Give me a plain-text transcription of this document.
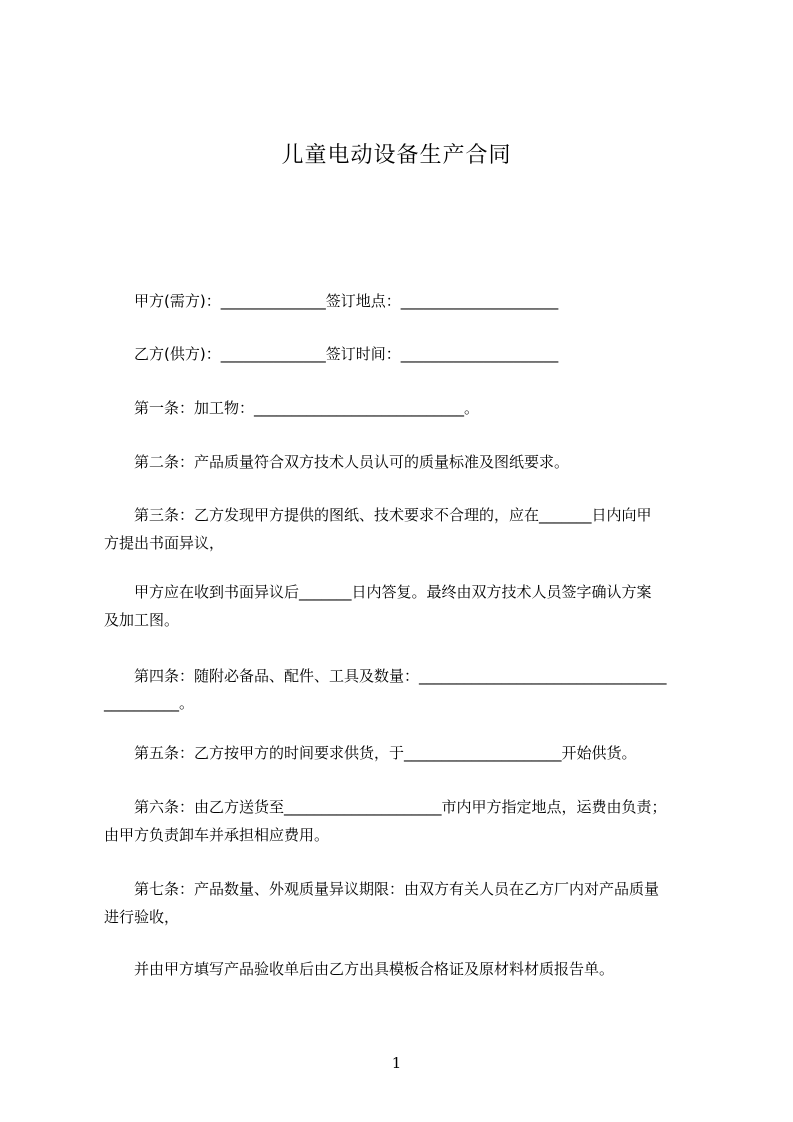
儿童电动设备生产合同
　　甲方(需方)：______________签订地点：_____________________
　　乙方(供方)：______________签订时间：_____________________
　　第一条：加工物：____________________________。
　　第二条：产品质量符合双方技术人员认可的质量标准及图纸要求。
　　第三条：乙方发现甲方提供的图纸、技术要求不合理的，应在_______日内向甲
方提出书面异议，
　　甲方应在收到书面异议后_______日内答复。最终由双方技术人员签字确认方案
及加工图。
　　第四条：随附必备品、配件、工具及数量：_________________________________
__________。
　　第五条：乙方按甲方的时间要求供货，于_____________________开始供货。
　　第六条：由乙方送货至_____________________市内甲方指定地点，运费由负责；
由甲方负责卸车并承担相应费用。
　　第七条：产品数量、外观质量异议期限：由双方有关人员在乙方厂内对产品质量
进行验收，
　　并由甲方填写产品验收单后由乙方出具模板合格证及原材料材质报告单。
1
